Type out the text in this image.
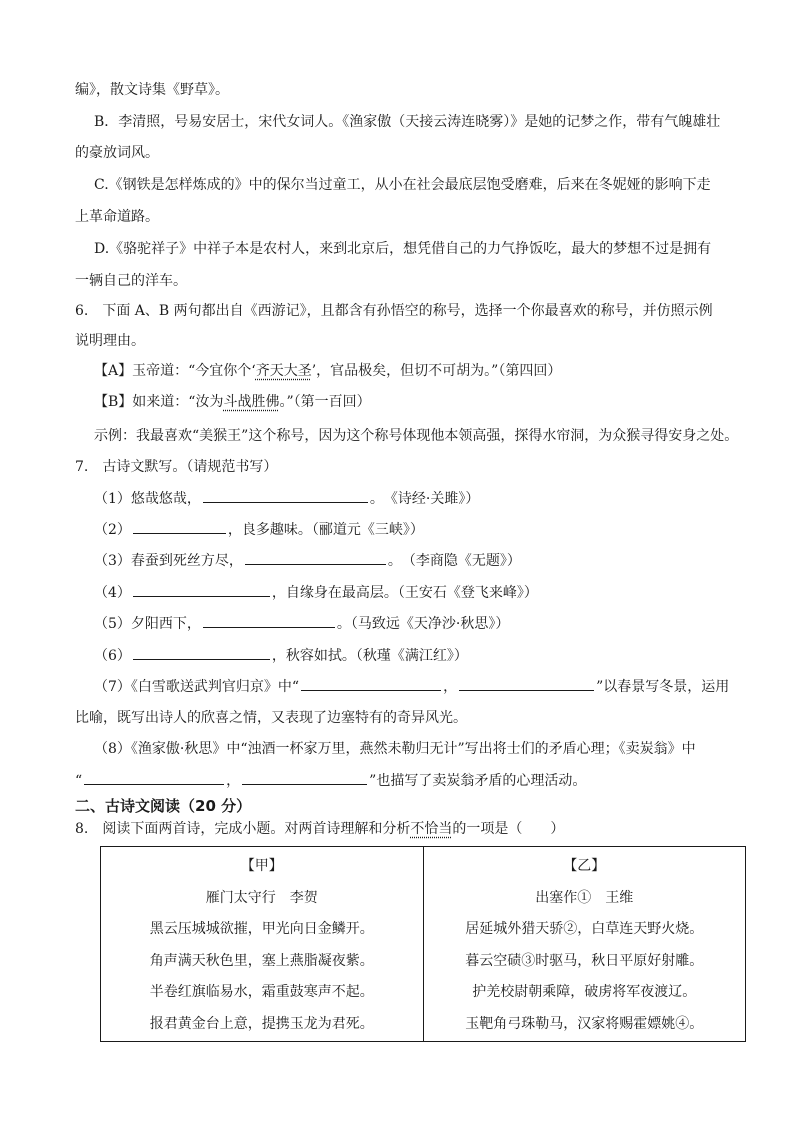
编》，散文诗集《野草》。
B．李清照，号易安居士，宋代女词人。《渔家傲（天接云涛连晓雾）》是她的记梦之作，带有气魄雄壮
的豪放词风。
C.《钢铁是怎样炼成的》中的保尔当过童工，从小在社会最底层饱受磨难，后来在冬妮娅的影响下走
上革命道路。
D.《骆驼祥子》中祥子本是农村人，来到北京后，想凭借自己的力气挣饭吃，最大的梦想不过是拥有
一辆自己的洋车。
6.　下面 A、B 两句都出自《西游记》，且都含有孙悟空的称号，选择一个你最喜欢的称号，并仿照示例
说明理由。
【A】玉帝道：“今宜你个‘齐天大圣’，官品极矣，但切不可胡为。”（第四回）
【B】如来道：“汝为斗战胜佛。”（第一百回）
示例：我最喜欢“美猴王”这个称号，因为这个称号体现他本领高强，探得水帘洞，为众猴寻得安身之处。
7.　古诗文默写。（请规范书写）
（1）悠哉悠哉，	。　《诗经·关雎》）
（2）	，良多趣味。（郦道元《三峡》）
（3）春蚕到死丝方尽，	。　（李商隐《无题》）
（4）	，自缘身在最高层。（王安石《登飞来峰》）
（5）夕阳西下，	。（马致远《天净沙·秋思》）
（6）	，秋容如拭。（秋瑾《满江红》）
（7）《白雪歌送武判官归京》中“	，	”以春景写冬景，运用
比喻，既写出诗人的欣喜之情，又表现了边塞特有的奇异风光。
（8）《渔家傲·秋思》中“浊酒一杯家万里，燕然未勒归无计”写出将士们的矛盾心理；《卖炭翁》中
“	，	”也描写了卖炭翁矛盾的心理活动。
二、古诗文阅读（20 分）
8.　阅读下面两首诗，完成小题。对两首诗理解和分析不恰当的一项是（　　）
【甲】
雁门太守行　李贺
黑云压城城欲摧，甲光向日金鳞开。
角声满天秋色里，塞上燕脂凝夜紫。
半卷红旗临易水，霜重鼓寒声不起。
报君黄金台上意，提携玉龙为君死。

【乙】
出塞作①　王维
居延城外猎天骄②，白草连天野火烧。
暮云空碛③时驱马，秋日平原好射雕。
护羌校尉朝乘障，破虏将军夜渡辽。
玉靶角弓珠勒马，汉家将赐霍嫖姚④。
